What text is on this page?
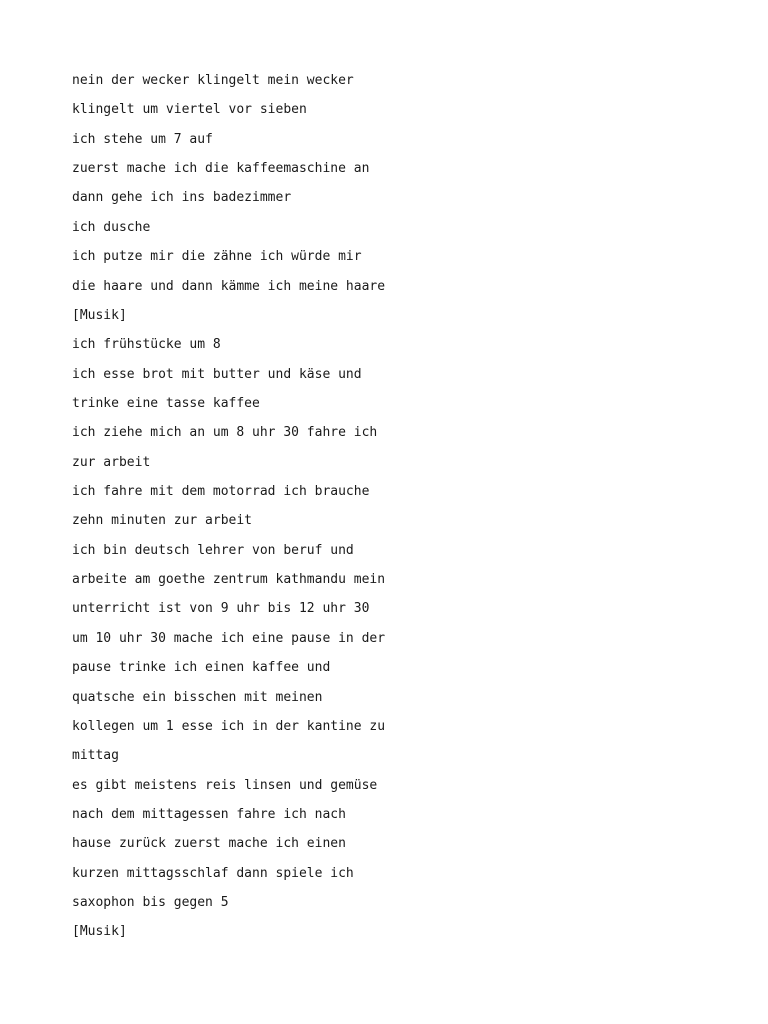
nein der wecker klingelt mein wecker
klingelt um viertel vor sieben
ich stehe um 7 auf
zuerst mache ich die kaffeemaschine an
dann gehe ich ins badezimmer
ich dusche
ich putze mir die zähne ich würde mir
die haare und dann kämme ich meine haare
[Musik]
ich frühstücke um 8
ich esse brot mit butter und käse und
trinke eine tasse kaffee
ich ziehe mich an um 8 uhr 30 fahre ich
zur arbeit
ich fahre mit dem motorrad ich brauche
zehn minuten zur arbeit
ich bin deutsch lehrer von beruf und
arbeite am goethe zentrum kathmandu mein
unterricht ist von 9 uhr bis 12 uhr 30
um 10 uhr 30 mache ich eine pause in der
pause trinke ich einen kaffee und
quatsche ein bisschen mit meinen
kollegen um 1 esse ich in der kantine zu
mittag
es gibt meistens reis linsen und gemüse
nach dem mittagessen fahre ich nach
hause zurück zuerst mache ich einen
kurzen mittagsschlaf dann spiele ich
saxophon bis gegen 5
[Musik]
